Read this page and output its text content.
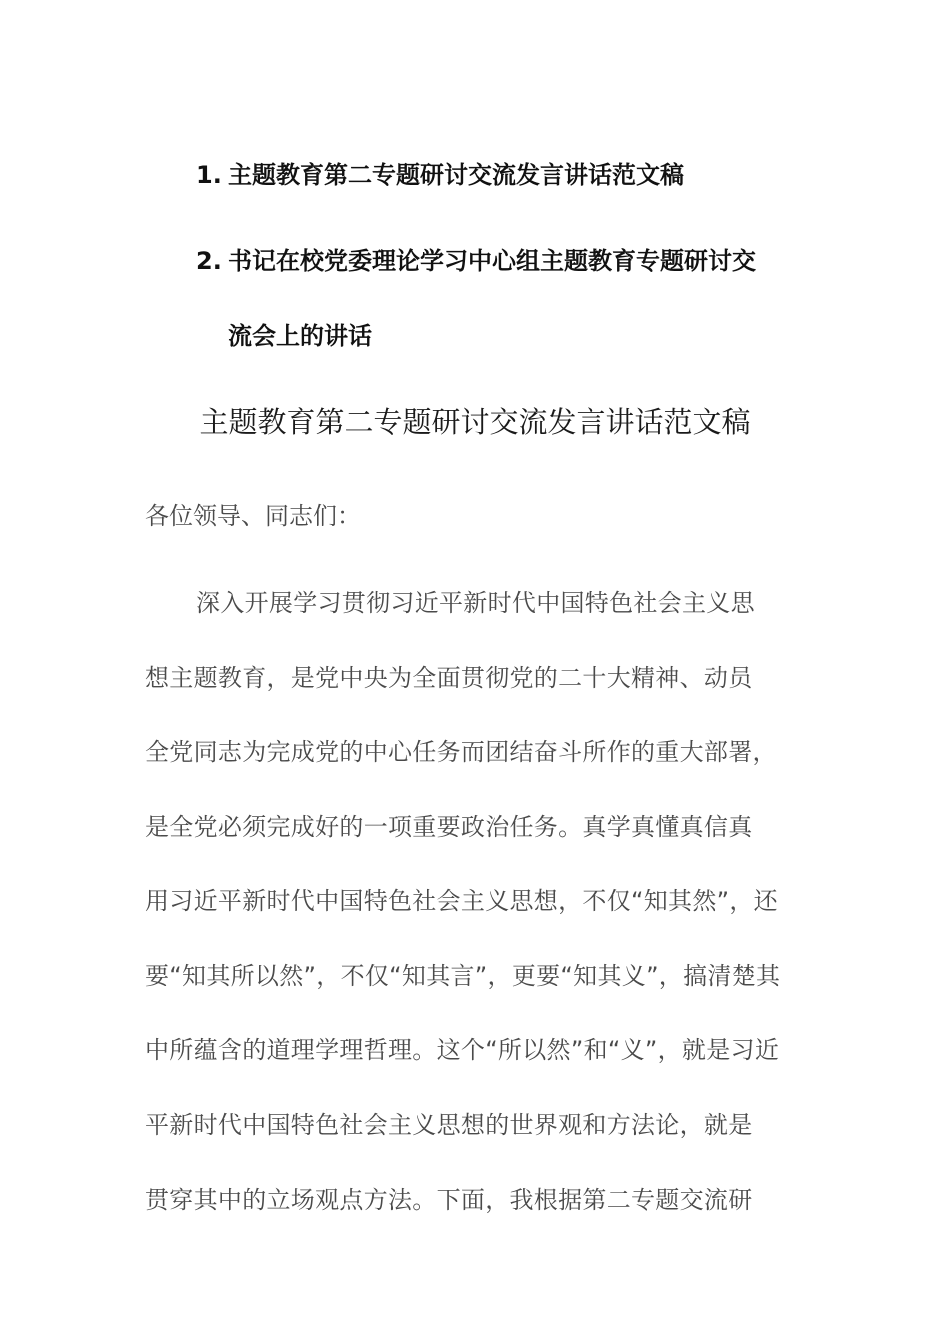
1. 主题教育第二专题研讨交流发言讲话范文稿
2. 书记在校党委理论学习中心组主题教育专题研讨交
流会上的讲话
主题教育第二专题研讨交流发言讲话范文稿
各位领导、同志们：
深入开展学习贯彻习近平新时代中国特色社会主义思
想主题教育，是党中央为全面贯彻党的二十大精神、动员
全党同志为完成党的中心任务而团结奋斗所作的重大部署，
是全党必须完成好的一项重要政治任务。真学真懂真信真
用习近平新时代中国特色社会主义思想，不仅“知其然”，还
要“知其所以然”，不仅“知其言”，更要“知其义”，搞清楚其
中所蕴含的道理学理哲理。这个“所以然”和“义”，就是习近
平新时代中国特色社会主义思想的世界观和方法论，就是
贯穿其中的立场观点方法。下面，我根据第二专题交流研
